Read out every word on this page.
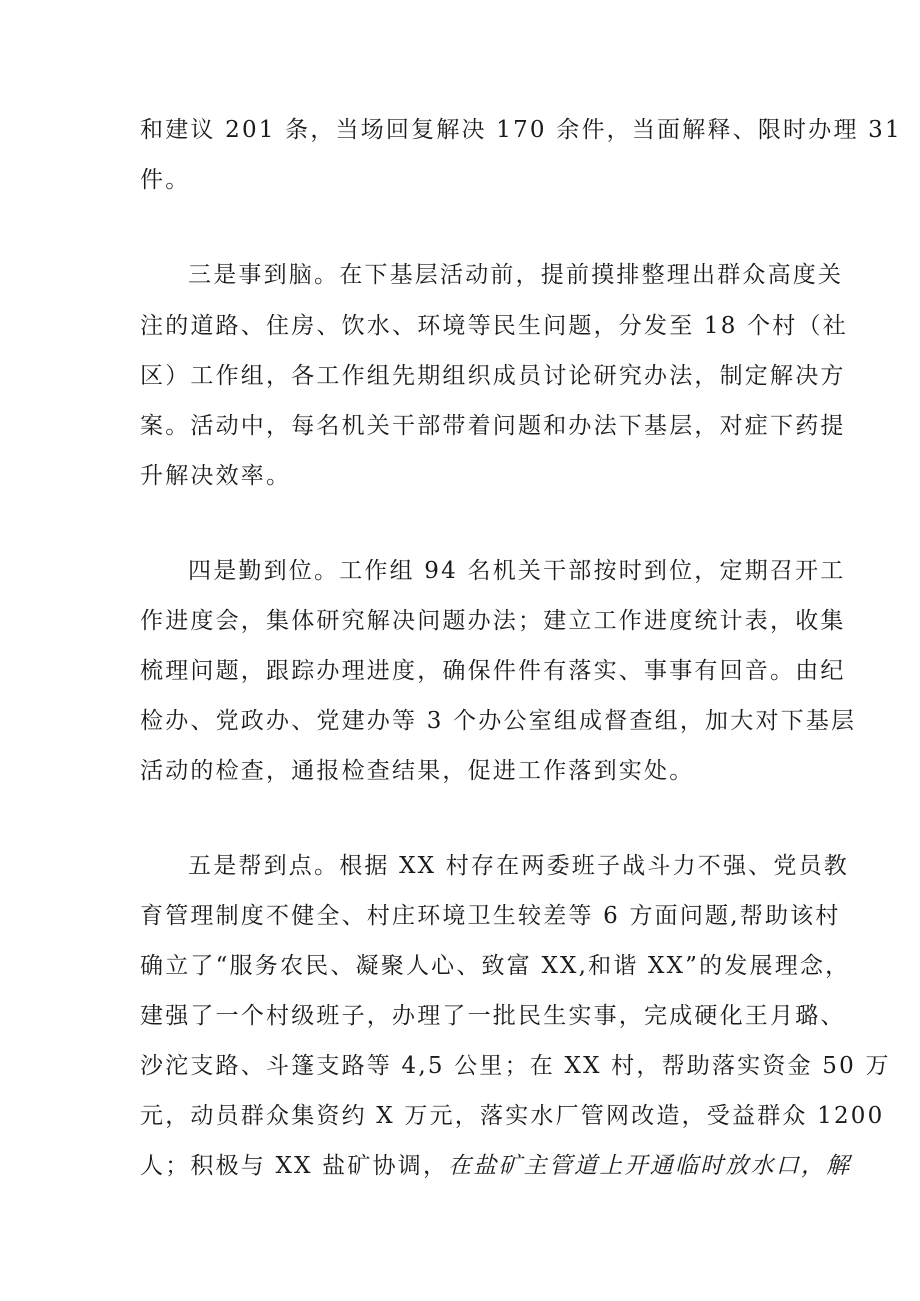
和建议 201 条，当场回复解决 170 余件，当面解释、限时办理 31
件。
三是事到脑。在下基层活动前，提前摸排整理出群众高度关
注的道路、住房、饮水、环境等民生问题，分发至 18 个村（社
区）工作组，各工作组先期组织成员讨论研究办法，制定解决方
案。活动中，每名机关干部带着问题和办法下基层，对症下药提
升解决效率。
四是勤到位。工作组 94 名机关干部按时到位，定期召开工
作进度会，集体研究解决问题办法；建立工作进度统计表，收集
梳理问题，跟踪办理进度，确保件件有落实、事事有回音。由纪
检办、党政办、党建办等 3 个办公室组成督查组，加大对下基层
活动的检查，通报检查结果，促进工作落到实处。
五是帮到点。根据 XX 村存在两委班子战斗力不强、党员教
育管理制度不健全、村庄环境卫生较差等 6 方面问题,帮助该村
确立了“服务农民、凝聚人心、致富 XX,和谐 XX”的发展理念，
建强了一个村级班子，办理了一批民生实事，完成硬化王月璐、
沙沱支路、斗篷支路等 4,5 公里；在 XX 村，帮助落实资金 50 万
元，动员群众集资约 X 万元，落实水厂管网改造，受益群众 1200
人；积极与 XX 盐矿协调，在盐矿主管道上开通临时放水口，解
